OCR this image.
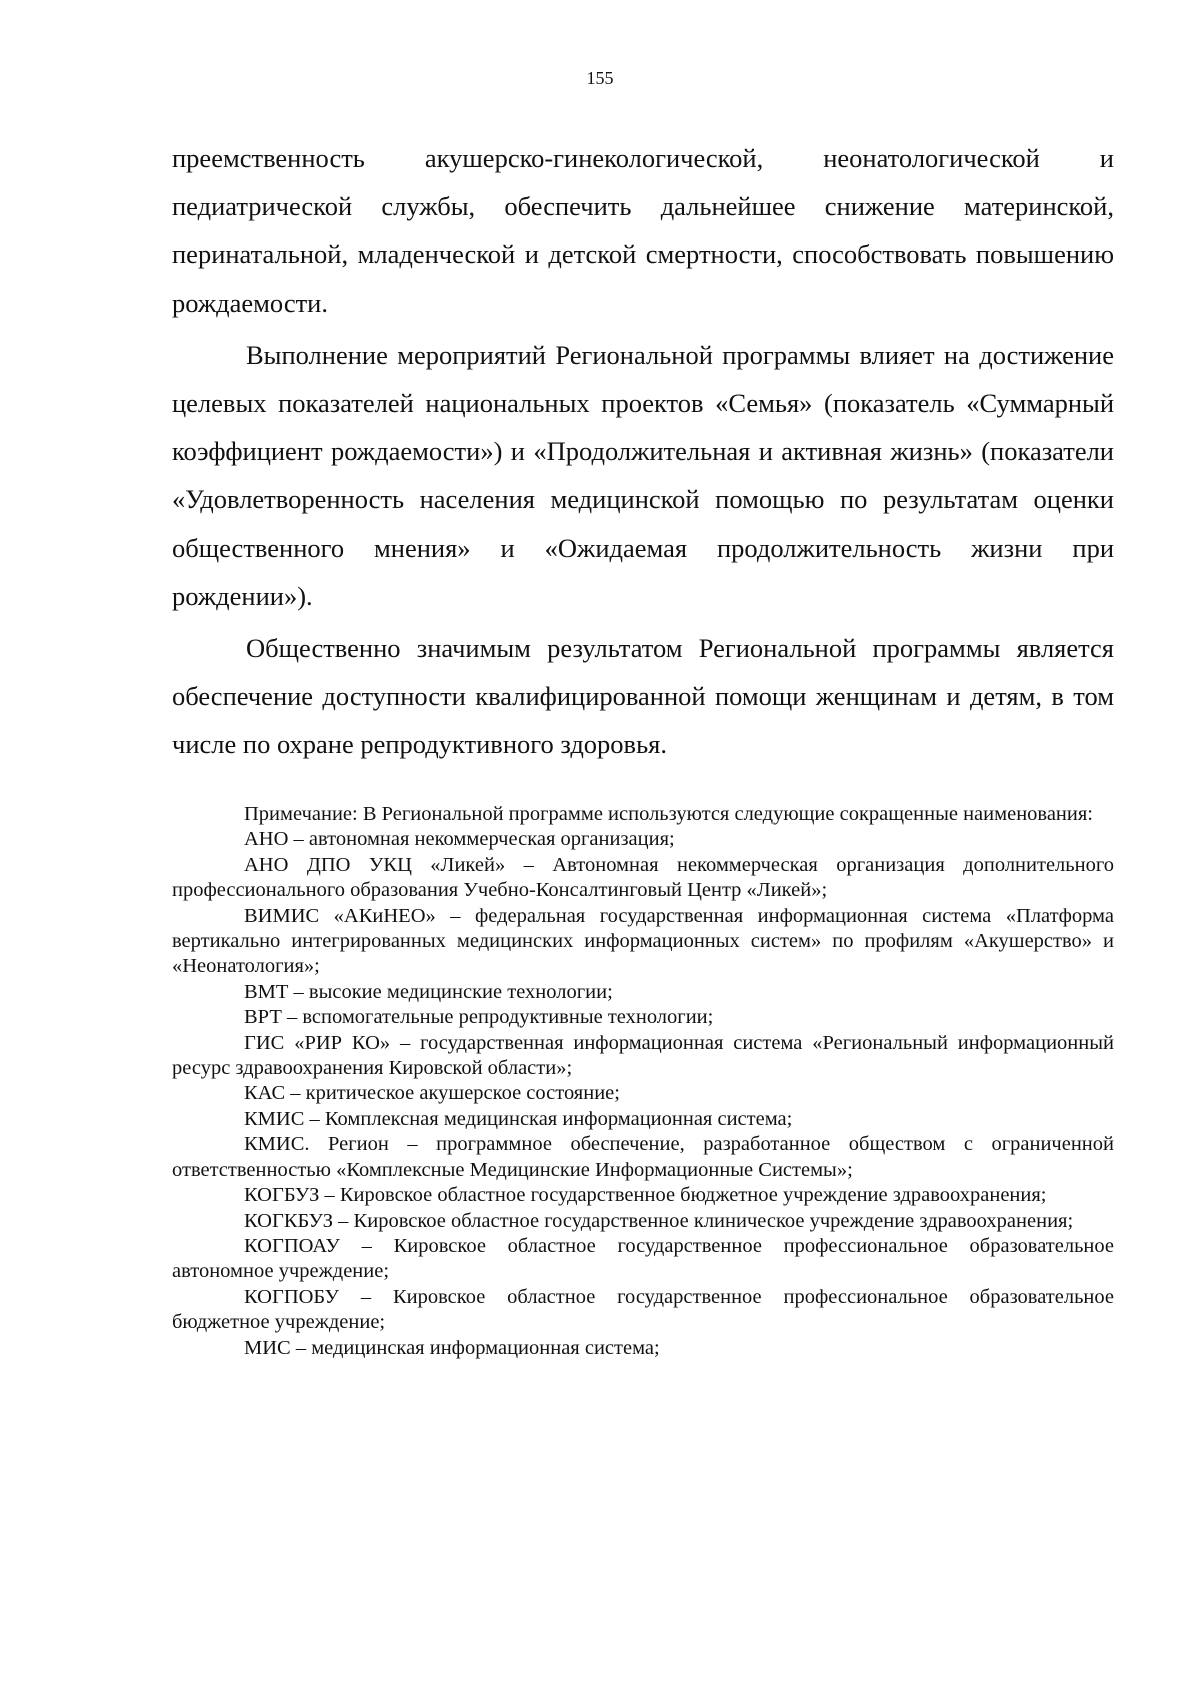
155

преемственность акушерско-гинекологической, неонатологической и педиатрической службы, обеспечить дальнейшее снижение материнской, перинатальной, младенческой и детской смертности, способствовать повышению рождаемости.

Выполнение мероприятий Региональной программы влияет на достижение целевых показателей национальных проектов «Семья» (показатель «Суммарный коэффициент рождаемости») и «Продолжительная и активная жизнь» (показатели «Удовлетворенность населения медицинской помощью по результатам оценки общественного мнения» и «Ожидаемая продолжительность жизни при рождении»).

Общественно значимым результатом Региональной программы является обеспечение доступности квалифицированной помощи женщинам и детям, в том числе по охране репродуктивного здоровья.

Примечание: В Региональной программе используются следующие сокращенные наименования:

АНО – автономная некоммерческая организация;

АНО ДПО УКЦ «Ликей» – Автономная некоммерческая организация дополнительного профессионального образования Учебно-Консалтинговый Центр «Ликей»;

ВИМИС «АКиНЕО» – федеральная государственная информационная система «Платформа вертикально интегрированных медицинских информационных систем» по профилям «Акушерство» и «Неонатология»;

ВМТ – высокие медицинские технологии;

ВРТ – вспомогательные репродуктивные технологии;

ГИС «РИР КО» – государственная информационная система «Региональный информационный ресурс здравоохранения Кировской области»;

КАС – критическое акушерское состояние;

КМИС – Комплексная медицинская информационная система;

КМИС. Регион – программное обеспечение, разработанное обществом с ограниченной ответственностью «Комплексные Медицинские Информационные Системы»;

КОГБУЗ – Кировское областное государственное бюджетное учреждение здравоохранения;

КОГКБУЗ – Кировское областное государственное клиническое учреждение здравоохранения;

КОГПОАУ – Кировское областное государственное профессиональное образовательное автономное учреждение;

КОГПОБУ – Кировское областное государственное профессиональное образовательное бюджетное учреждение;

МИС – медицинская информационная система;
